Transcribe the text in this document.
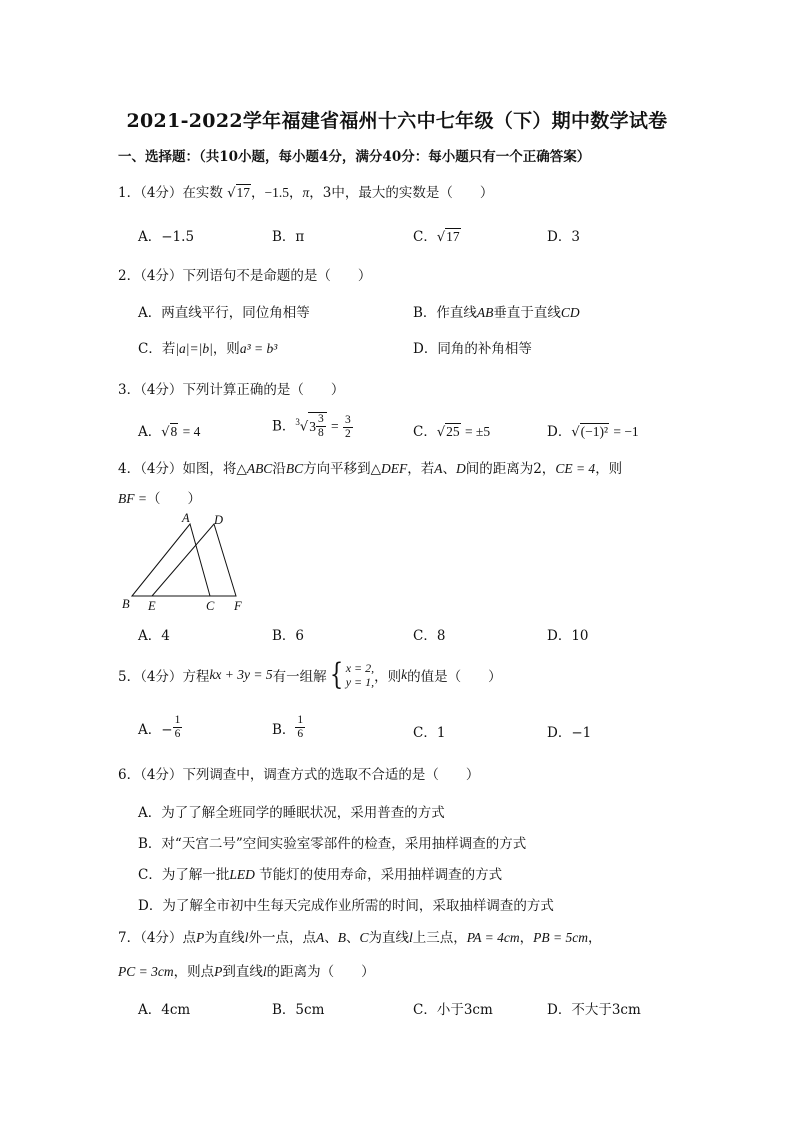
2021-2022学年福建省福州十六中七年级（下）期中数学试卷
一、选择题：（共10小题，每小题4分，满分40分：每小题只有一个正确答案）
1．（4分）在实数 √17，−1.5，π，3中，最大的实数是（　　）
A．−1.5	B．π	C．√17	D．3
2．（4分）下列语句不是命题的是（　　）
A．两直线平行，同位角相等	B．作直线AB垂直于直线CD
C．若|a|=|b|，则a³ = b³	D．同角的补角相等
3．（4分）下列计算正确的是（　　）
A．√8 = 4	B．$^3$√ $3 \frac{3}{8} = \frac{3}{2}$	C．√25 = ±5	D．√(−1)² = −1
4．（4分）如图，将△ABC沿BC方向平移到△DEF，若A、D间的距离为2，CE = 4，则
BF =（　　）
A D
B E	C F
A．4	B．6	C．8	D．10
5．（4分） 方程 kx + 3y = 5 有一组解 { x = 2,
y = 1, ，则 k 的值是（　　）
A．− $\frac{1}{6}$	B． $\frac{1}{6}$	C．1	D．−1
6．（4分）下列调查中，调查方式的选取不合适的是（　　）
A．为了了解全班同学的睡眠状况，采用普查的方式
B．对“天宫二号”空间实验室零部件的检查，采用抽样调查的方式
C．为了解一批LED 节能灯的使用寿命，采用抽样调查的方式
D．为了解全市初中生每天完成作业所需的时间，采取抽样调查的方式
7．（4分）点P为直线l外一点，点A、B、C为直线l上三点，PA = 4cm，PB = 5cm，
PC = 3cm，则点P到直线l的距离为（　　）
A．4cm	B．5cm	C．小于3cm	D．不大于3cm
